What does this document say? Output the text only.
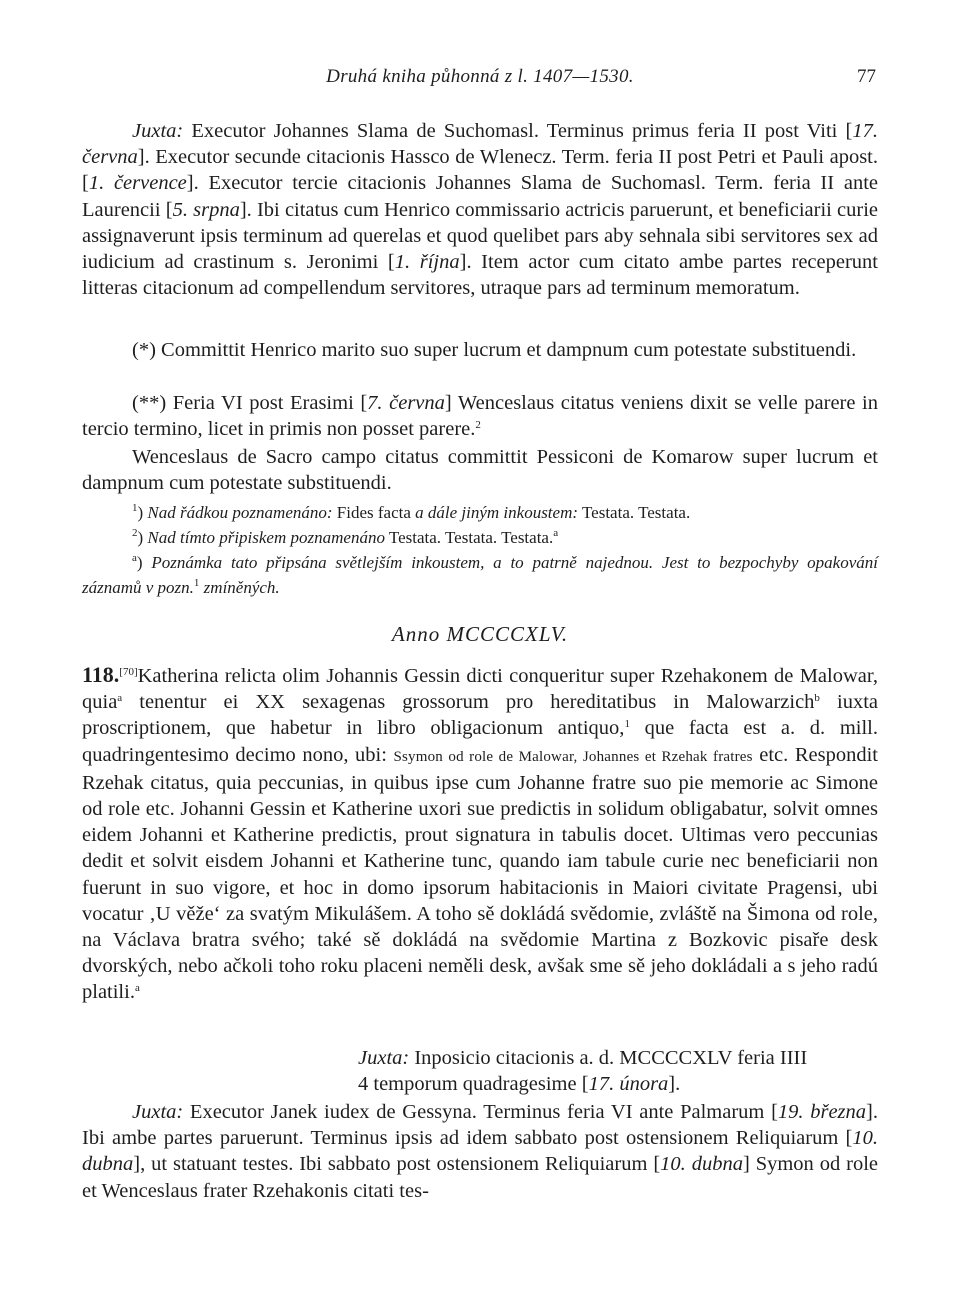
Druhá kniha půhonná z l. 1407—1530.	77

Juxta: Executor Johannes Slama de Suchomasl. Terminus primus feria II post Viti [17. června]. Executor secunde citacionis Hassco de Wlenecz. Term. feria II post Petri et Pauli apost. [1. července]. Executor tercie citacionis Johannes Slama de Suchomasl. Term. feria II ante Laurencii [5. srpna]. Ibi citatus cum Henrico commissario actricis paruerunt, et beneficiarii curie assignaverunt ipsis terminum ad querelas et quod quelibet pars aby sehnala sibi servitores sex ad iudicium ad crastinum s. Jeronimi [1. října]. Item actor cum citato ambe partes receperunt litteras citacionum ad compellendum servitores, utraque pars ad terminum memoratum.

(*) Committit Henrico marito suo super lucrum et dampnum cum potestate substituendi.

(**) Feria VI post Erasimi [7. června] Wenceslaus citatus veniens dixit se velle parere in tercio termino, licet in primis non posset parere.$^2$

Wenceslaus de Sacro campo citatus committit Pessiconi de Komarow super lucrum et dampnum cum potestate substituendi.

$^1$) Nad řádkou poznamenáno: Fides facta a dále jiným inkoustem: Testata. Testata.

$^2$) Nad tímto připiskem poznamenáno Testata. Testata. Testata.$^a$

$^a$) Poznámka tato připsána světlejším inkoustem, a to patrně najednou. Jest to bezpochyby opakování záznamů v pozn.$^1$ zmíněných.

Anno MCCCCXLV.

118.[70]Katherina relicta olim Johannis Gessin dicti conqueritur super Rzehakonem de Malowar, quia$^a$ tenentur ei XX sexagenas grossorum pro hereditatibus in Malowarzich$^b$ iuxta proscriptionem, que habetur in libro obligacionum antiquo,$^1$ que facta est a. d. mill. quadringentesimo decimo nono, ubi: Ssymon od role de Malowar, Johannes et Rzehak fratres etc. Respondit Rzehak citatus, quia peccunias, in quibus ipse cum Johanne fratre suo pie memorie ac Simone od role etc. Johanni Gessin et Katherine uxori sue predictis in solidum obligabatur, solvit omnes eidem Johanni et Katherine predictis, prout signatura in tabulis docet. Ultimas vero peccunias dedit et solvit eisdem Johanni et Katherine tunc, quando iam tabule curie nec beneficiarii non fuerunt in suo vigore, et hoc in domo ipsorum habitacionis in Maiori civitate Pragensi, ubi vocatur ‚U věže‘ za svatým Mikulášem. A toho sě dokládá svědomie, zvláště na Šimona od role, na Václava bratra svého; také sě dokládá na svědomie Martina z Bozkovic pisaře desk dvorských, nebo ačkoli toho roku placeni neměli desk, avšak sme sě jeho dokládali a s jeho radú platili.$^a$

Juxta: Inposicio citacionis a. d. MCCCCXLV feria IIII
4 temporum quadragesime [17. února].

Juxta: Executor Janek iudex de Gessyna. Terminus feria VI ante Palmarum [19. března]. Ibi ambe partes paruerunt. Terminus ipsis ad idem sabbato post ostensionem Reliquiarum [10. dubna], ut statuant testes. Ibi sabbato post ostensionem Reliquiarum [10. dubna] Symon od role et Wenceslaus frater Rzehakonis citati tes-
